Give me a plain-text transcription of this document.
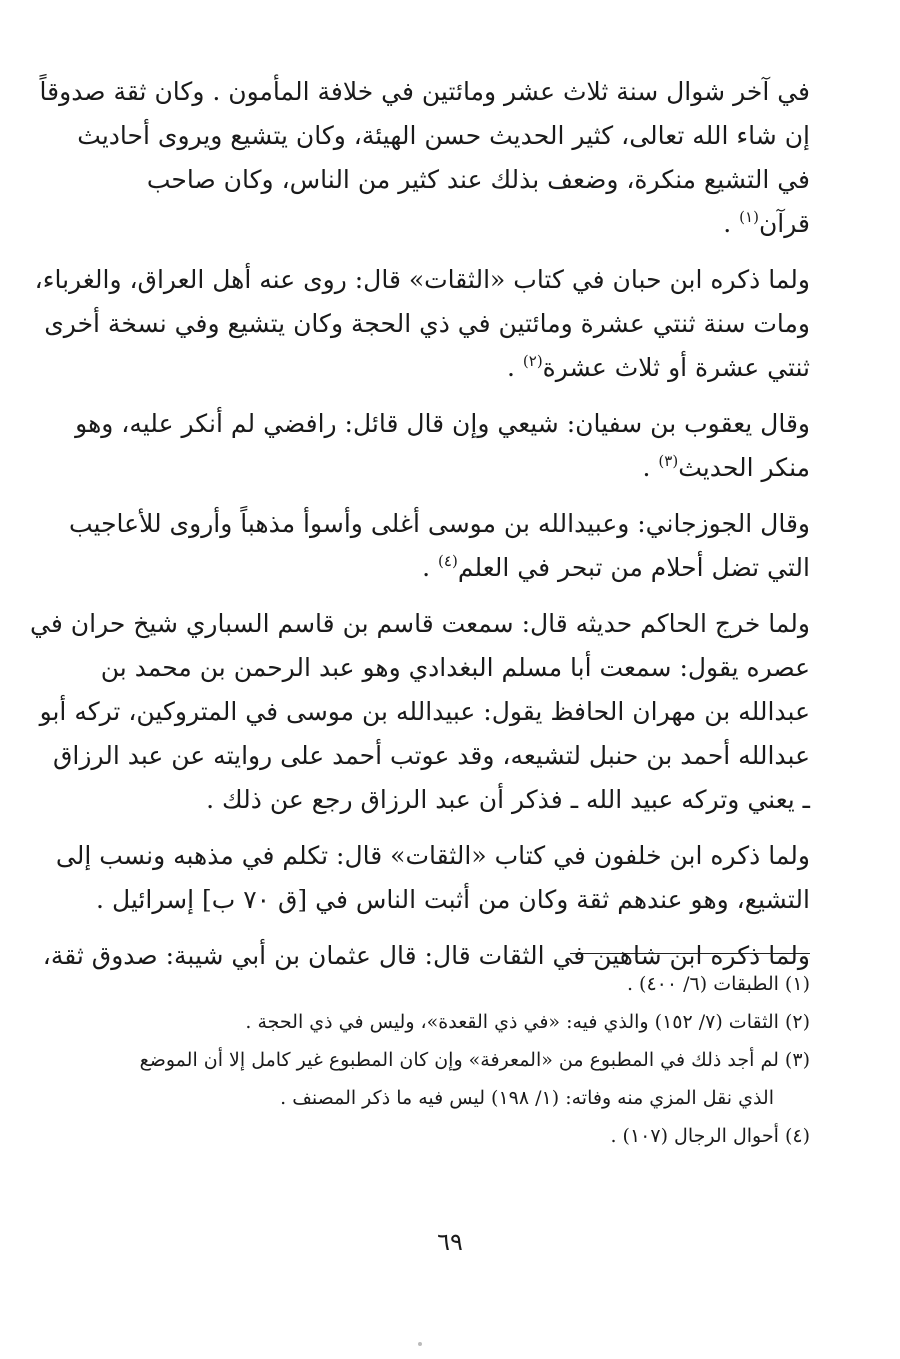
في آخر شوال سنة ثلاث عشر ومائتين في خلافة المأمون . وكان ثقة صدوقاً
إن شاء الله تعالى، كثير الحديث حسن الهيئة، وكان يتشيع ويروى أحاديث
في التشيع منكرة، وضعف بذلك عند كثير من الناس، وكان صاحب
قرآن$^{(١)}$ .

ولما ذكره ابن حبان في كتاب «الثقات» قال: روى عنه أهل العراق، والغرباء،
ومات سنة ثنتي عشرة ومائتين في ذي الحجة وكان يتشيع وفي نسخة أخرى
ثنتي عشرة أو ثلاث عشرة$^{(٢)}$ .

وقال يعقوب بن سفيان: شيعي وإن قال قائل: رافضي لم أنكر عليه، وهو
منكر الحديث$^{(٣)}$ .

وقال الجوزجاني: وعبيدالله بن موسى أغلى وأسوأ مذهباً وأروى للأعاجيب
التي تضل أحلام من تبحر في العلم$^{(٤)}$ .

ولما خرج الحاكم حديثه قال: سمعت قاسم بن قاسم السباري شيخ حران في
عصره يقول: سمعت أبا مسلم البغدادي وهو عبد الرحمن بن محمد بن
عبدالله بن مهران الحافظ يقول: عبيدالله بن موسى في المتروكين، تركه أبو
عبدالله أحمد بن حنبل لتشيعه، وقد عوتب أحمد على روايته عن عبد الرزاق
ـ يعني وتركه عبيد الله ـ فذكر أن عبد الرزاق رجع عن ذلك .

ولما ذكره ابن خلفون في كتاب «الثقات» قال: تكلم في مذهبه ونسب إلى
التشيع، وهو عندهم ثقة وكان من أثبت الناس في [ق ٧٠ ب] إسرائيل .

ولما ذكره ابن شاهين في الثقات قال: قال عثمان بن أبي شيبة: صدوق ثقة،

(١) الطبقات (٦/ ٤٠٠) .
(٢) الثقات (٧/ ١٥٢) والذي فيه: «في ذي القعدة»، وليس في ذي الحجة .
(٣) لم أجد ذلك في المطبوع من «المعرفة» وإن كان المطبوع غير كامل إلا أن الموضع
الذي نقل المزي منه وفاته: (١/ ١٩٨) ليس فيه ما ذكر المصنف .
(٤) أحوال الرجال (١٠٧) .
٦٩
